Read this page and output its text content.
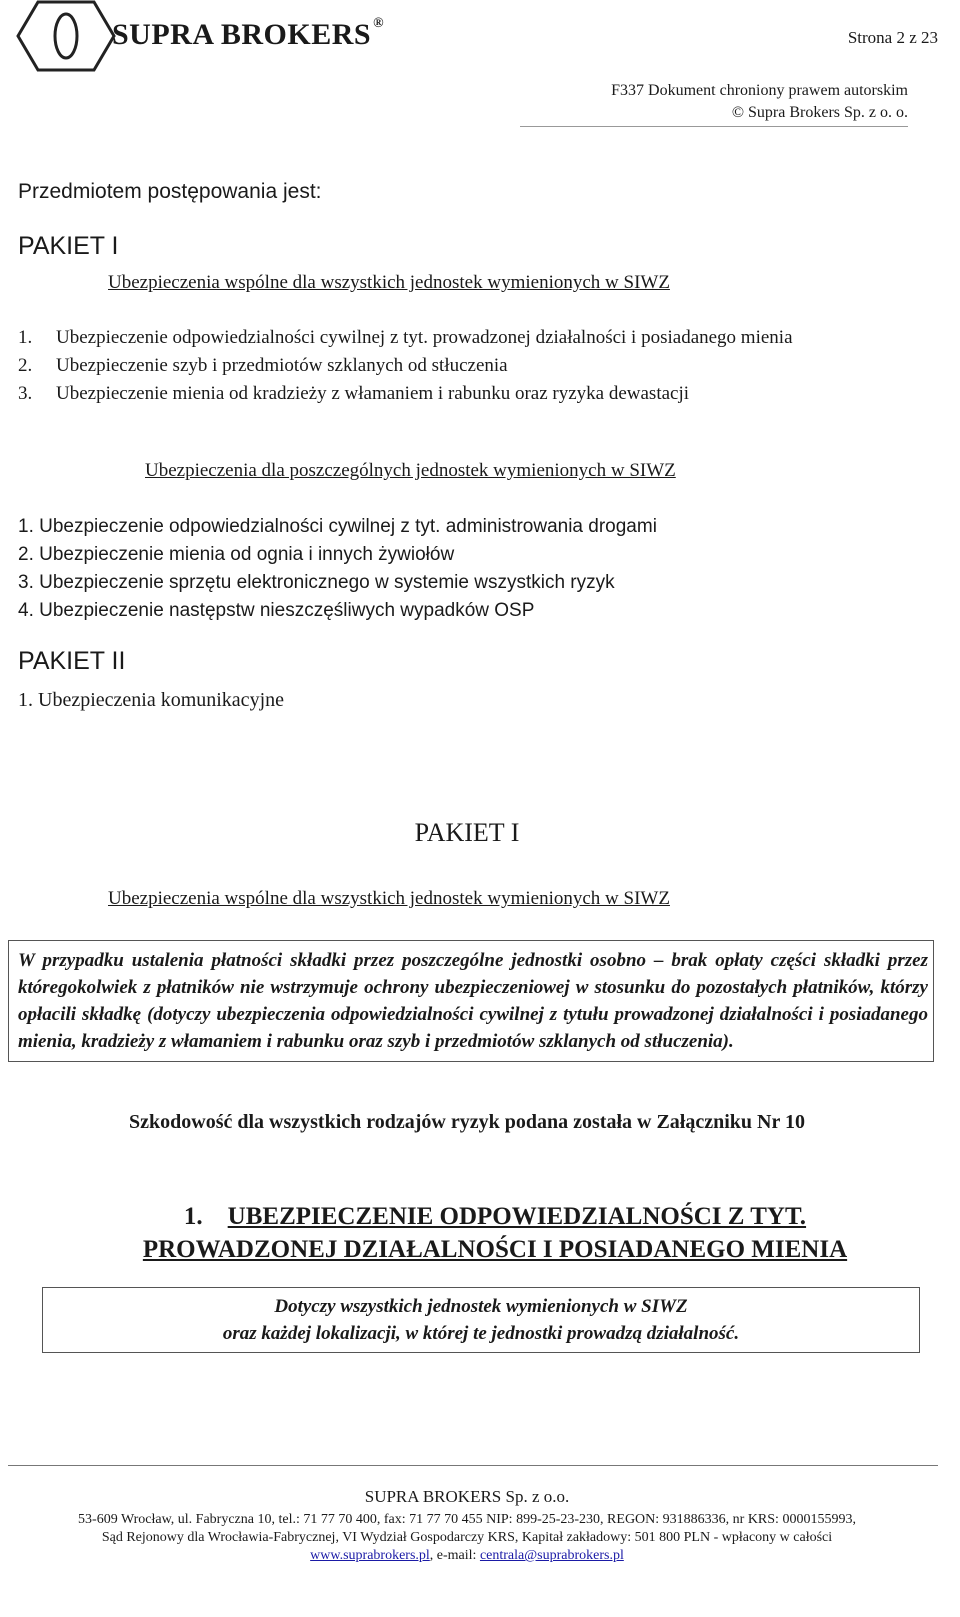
SUPRA BROKERS ®
Strona 2 z 23
F337 Dokument chroniony prawem autorskim
© Supra Brokers Sp. z o. o.
Przedmiotem postępowania jest:
PAKIET I
Ubezpieczenia wspólne dla wszystkich jednostek wymienionych w SIWZ
1.	Ubezpieczenie odpowiedzialności cywilnej z tyt. prowadzonej działalności i posiadanego mienia
2.	Ubezpieczenie szyb i przedmiotów szklanych od stłuczenia
3.	Ubezpieczenie mienia od kradzieży z włamaniem i rabunku oraz ryzyka dewastacji
Ubezpieczenia dla poszczególnych jednostek wymienionych w SIWZ
1. Ubezpieczenie odpowiedzialności cywilnej z tyt. administrowania drogami
2. Ubezpieczenie mienia od ognia i innych żywiołów
3. Ubezpieczenie sprzętu elektronicznego w systemie wszystkich ryzyk
4. Ubezpieczenie następstw nieszczęśliwych wypadków OSP
PAKIET II
1. Ubezpieczenia komunikacyjne
PAKIET I
Ubezpieczenia wspólne dla wszystkich jednostek wymienionych w SIWZ
W przypadku ustalenia płatności składki przez poszczególne jednostki osobno – brak opłaty części składki przez któregokolwiek z płatników nie wstrzymuje ochrony ubezpieczeniowej w stosunku do pozostałych płatników, którzy opłacili składkę (dotyczy ubezpieczenia odpowiedzialności cywilnej z tytułu prowadzonej działalności i posiadanego mienia, kradzieży z włamaniem i rabunku oraz szyb i przedmiotów szklanych od stłuczenia).
Szkodowość dla wszystkich rodzajów ryzyk podana została w Załączniku Nr 10
1. UBEZPIECZENIE ODPOWIEDZIALNOŚCI Z TYT.
PROWADZONEJ DZIAŁALNOŚCI I POSIADANEGO MIENIA
Dotyczy wszystkich jednostek wymienionych w SIWZ
oraz każdej lokalizacji, w której te jednostki prowadzą działalność.
SUPRA BROKERS Sp. z o.o.
53-609 Wrocław, ul. Fabryczna 10, tel.: 71 77 70 400, fax: 71 77 70 455 NIP: 899-25-23-230, REGON: 931886336, nr KRS: 0000155993,
Sąd Rejonowy dla Wrocławia-Fabrycznej, VI Wydział Gospodarczy KRS, Kapitał zakładowy: 501 800 PLN - wpłacony w całości
www.suprabrokers.pl, e-mail: centrala@suprabrokers.pl
